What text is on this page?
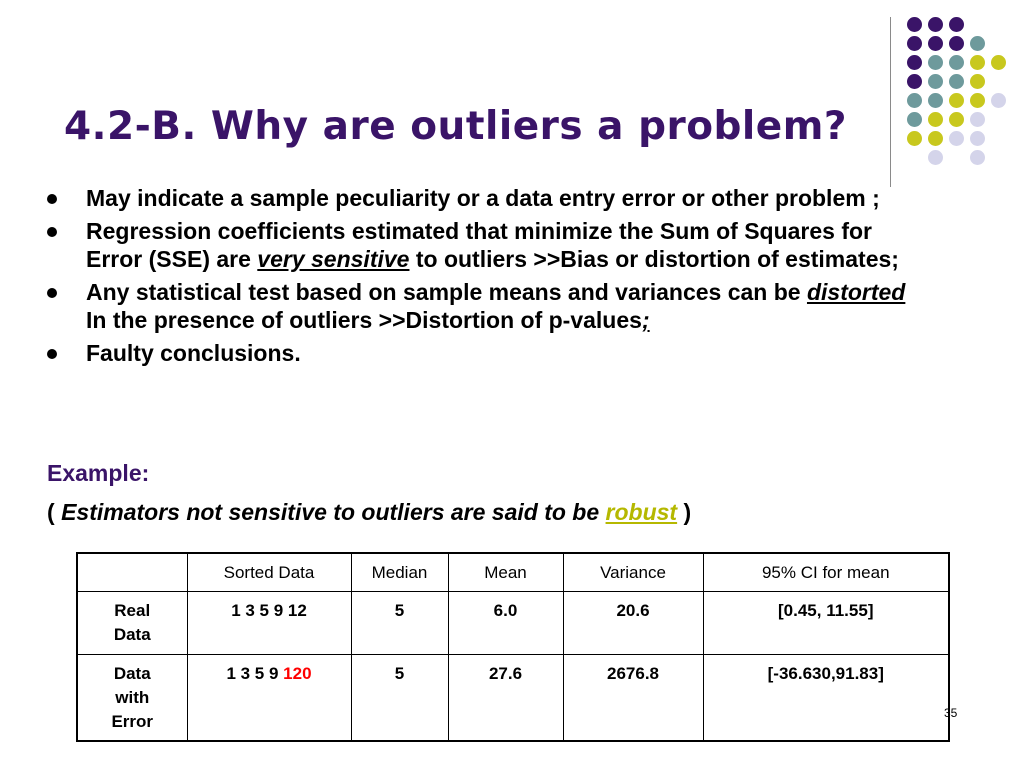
4.2-B. Why are outliers a problem?
May indicate a sample peculiarity or a data entry error or other problem ;
Regression coefficients estimated that minimize the Sum of Squares for Error (SSE) are very sensitive to outliers >>Bias or distortion of estimates;
Any statistical test based on sample means and variances can be distorted In the presence of outliers >>Distortion of p-values;
Faulty conclusions.
Example:
( Estimators not sensitive to outliers are said to be robust )
	Sorted Data	Median	Mean	Variance	95% CI for mean
Real
Data	1 3 5 9 12	5	6.0	20.6	[0.45, 11.55]
Data
with
Error	1 3 5 9 120	5	27.6	2676.8	[-36.630,91.83]
35
